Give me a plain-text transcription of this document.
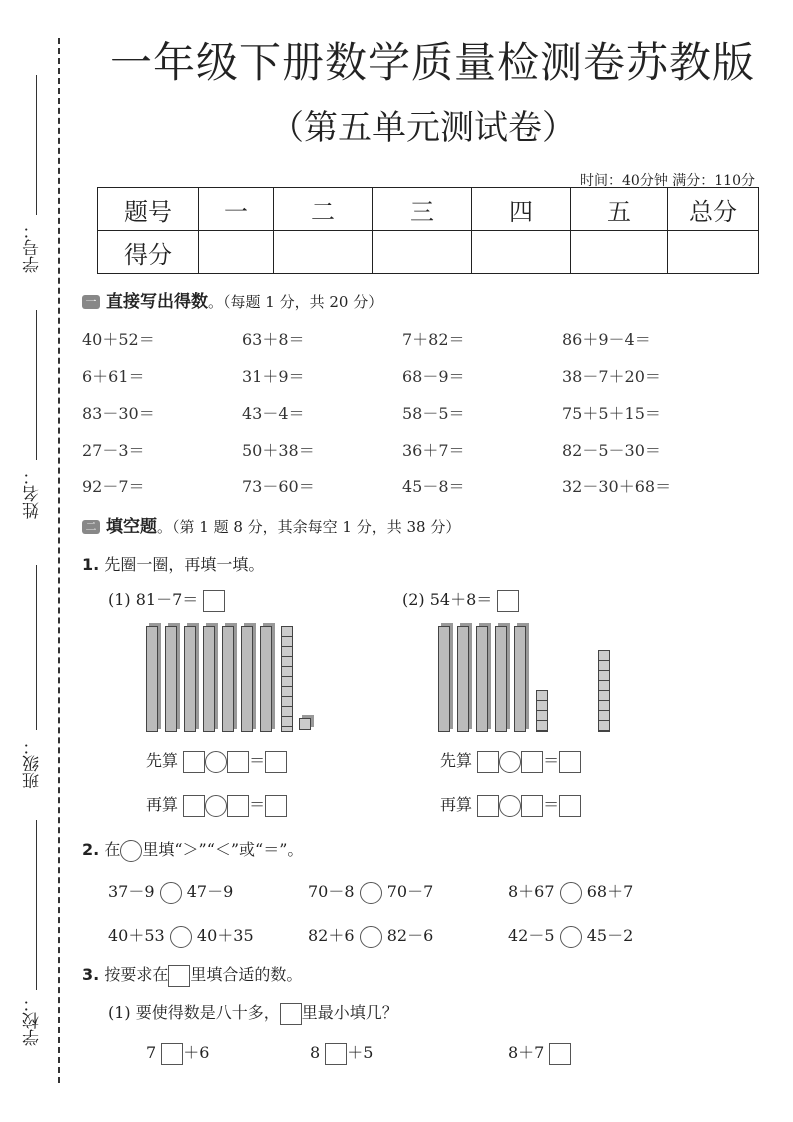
学号：
姓名：
班级：
学校：
一年级下册数学质量检测卷苏教版
（第五单元测试卷）
时间：40分钟 满分：110分
题号	一	二	三	四	五	总分
得分						
一 直接写出得数。（每题 1 分，共 20 分）
40＋52＝	63＋8＝	7＋82＝	86＋9－4＝
6＋61＝	31＋9＝	68－9＝	38－7＋20＝
83－30＝	43－4＝	58－5＝	75＋5＋15＝
27－3＝	50＋38＝	36＋7＝	82－5－30＝
92－7＝	73－60＝	45－8＝	32－30＋68＝
二 填空题。（第 1 题 8 分，其余每空 1 分，共 38 分）
1. 先圈一圈，再填一填。
(1) 81－7＝	(2) 54＋8＝
先算	＝
再算	＝
先算	＝
再算	＝
2. 在 里填“＞”“＜”或“＝”。
37－9 47－9	70－8 70－7	8＋67 68＋7
40＋53 40＋35	82＋6 82－6	42－5 45－2
3. 按要求在 里填合适的数。
(1) 要使得数是八十多， 里最小填几？
7 ＋6	8 ＋5	8＋7
